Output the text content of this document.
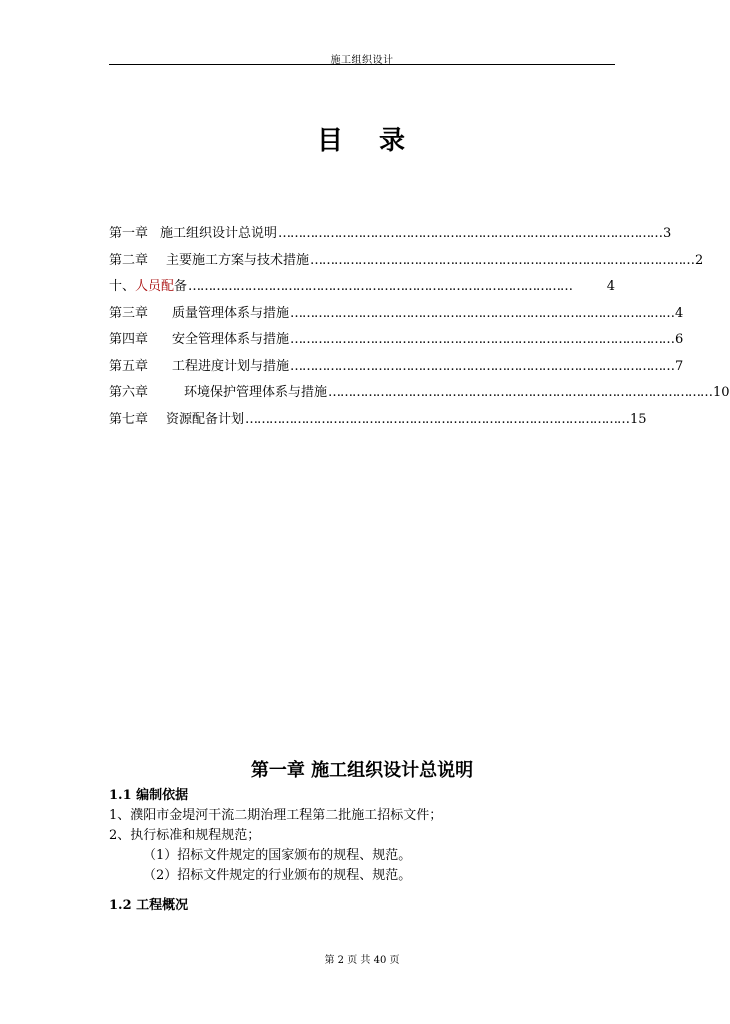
施工组织设计
目 录
第一章 施工组织设计总说明 …………………………………………………………………………………… 3
第二章 主要施工方案与技术措施 …………………………………………………………………………………… 2
十、人员配备 ……………………………………………………………………………………	4
第三章 质量管理体系与措施 …………………………………………………………………………………… 4
第四章 安全管理体系与措施 …………………………………………………………………………………… 6
第五章 工程进度计划与措施 …………………………………………………………………………………… 7
第六章	环境保护管理体系与措施 …………………………………………………………………………………… 10
第七章 资源配备计划 …………………………………………………………………………………… 15
第一章 施工组织设计总说明
1.1 编制依据
1、濮阳市金堤河干流二期治理工程第二批施工招标文件；
2、执行标准和规程规范；
（1）招标文件规定的国家颁布的规程、规范。
（2）招标文件规定的行业颁布的规程、规范。
1.2 工程概况
第 2 页 共 40 页
